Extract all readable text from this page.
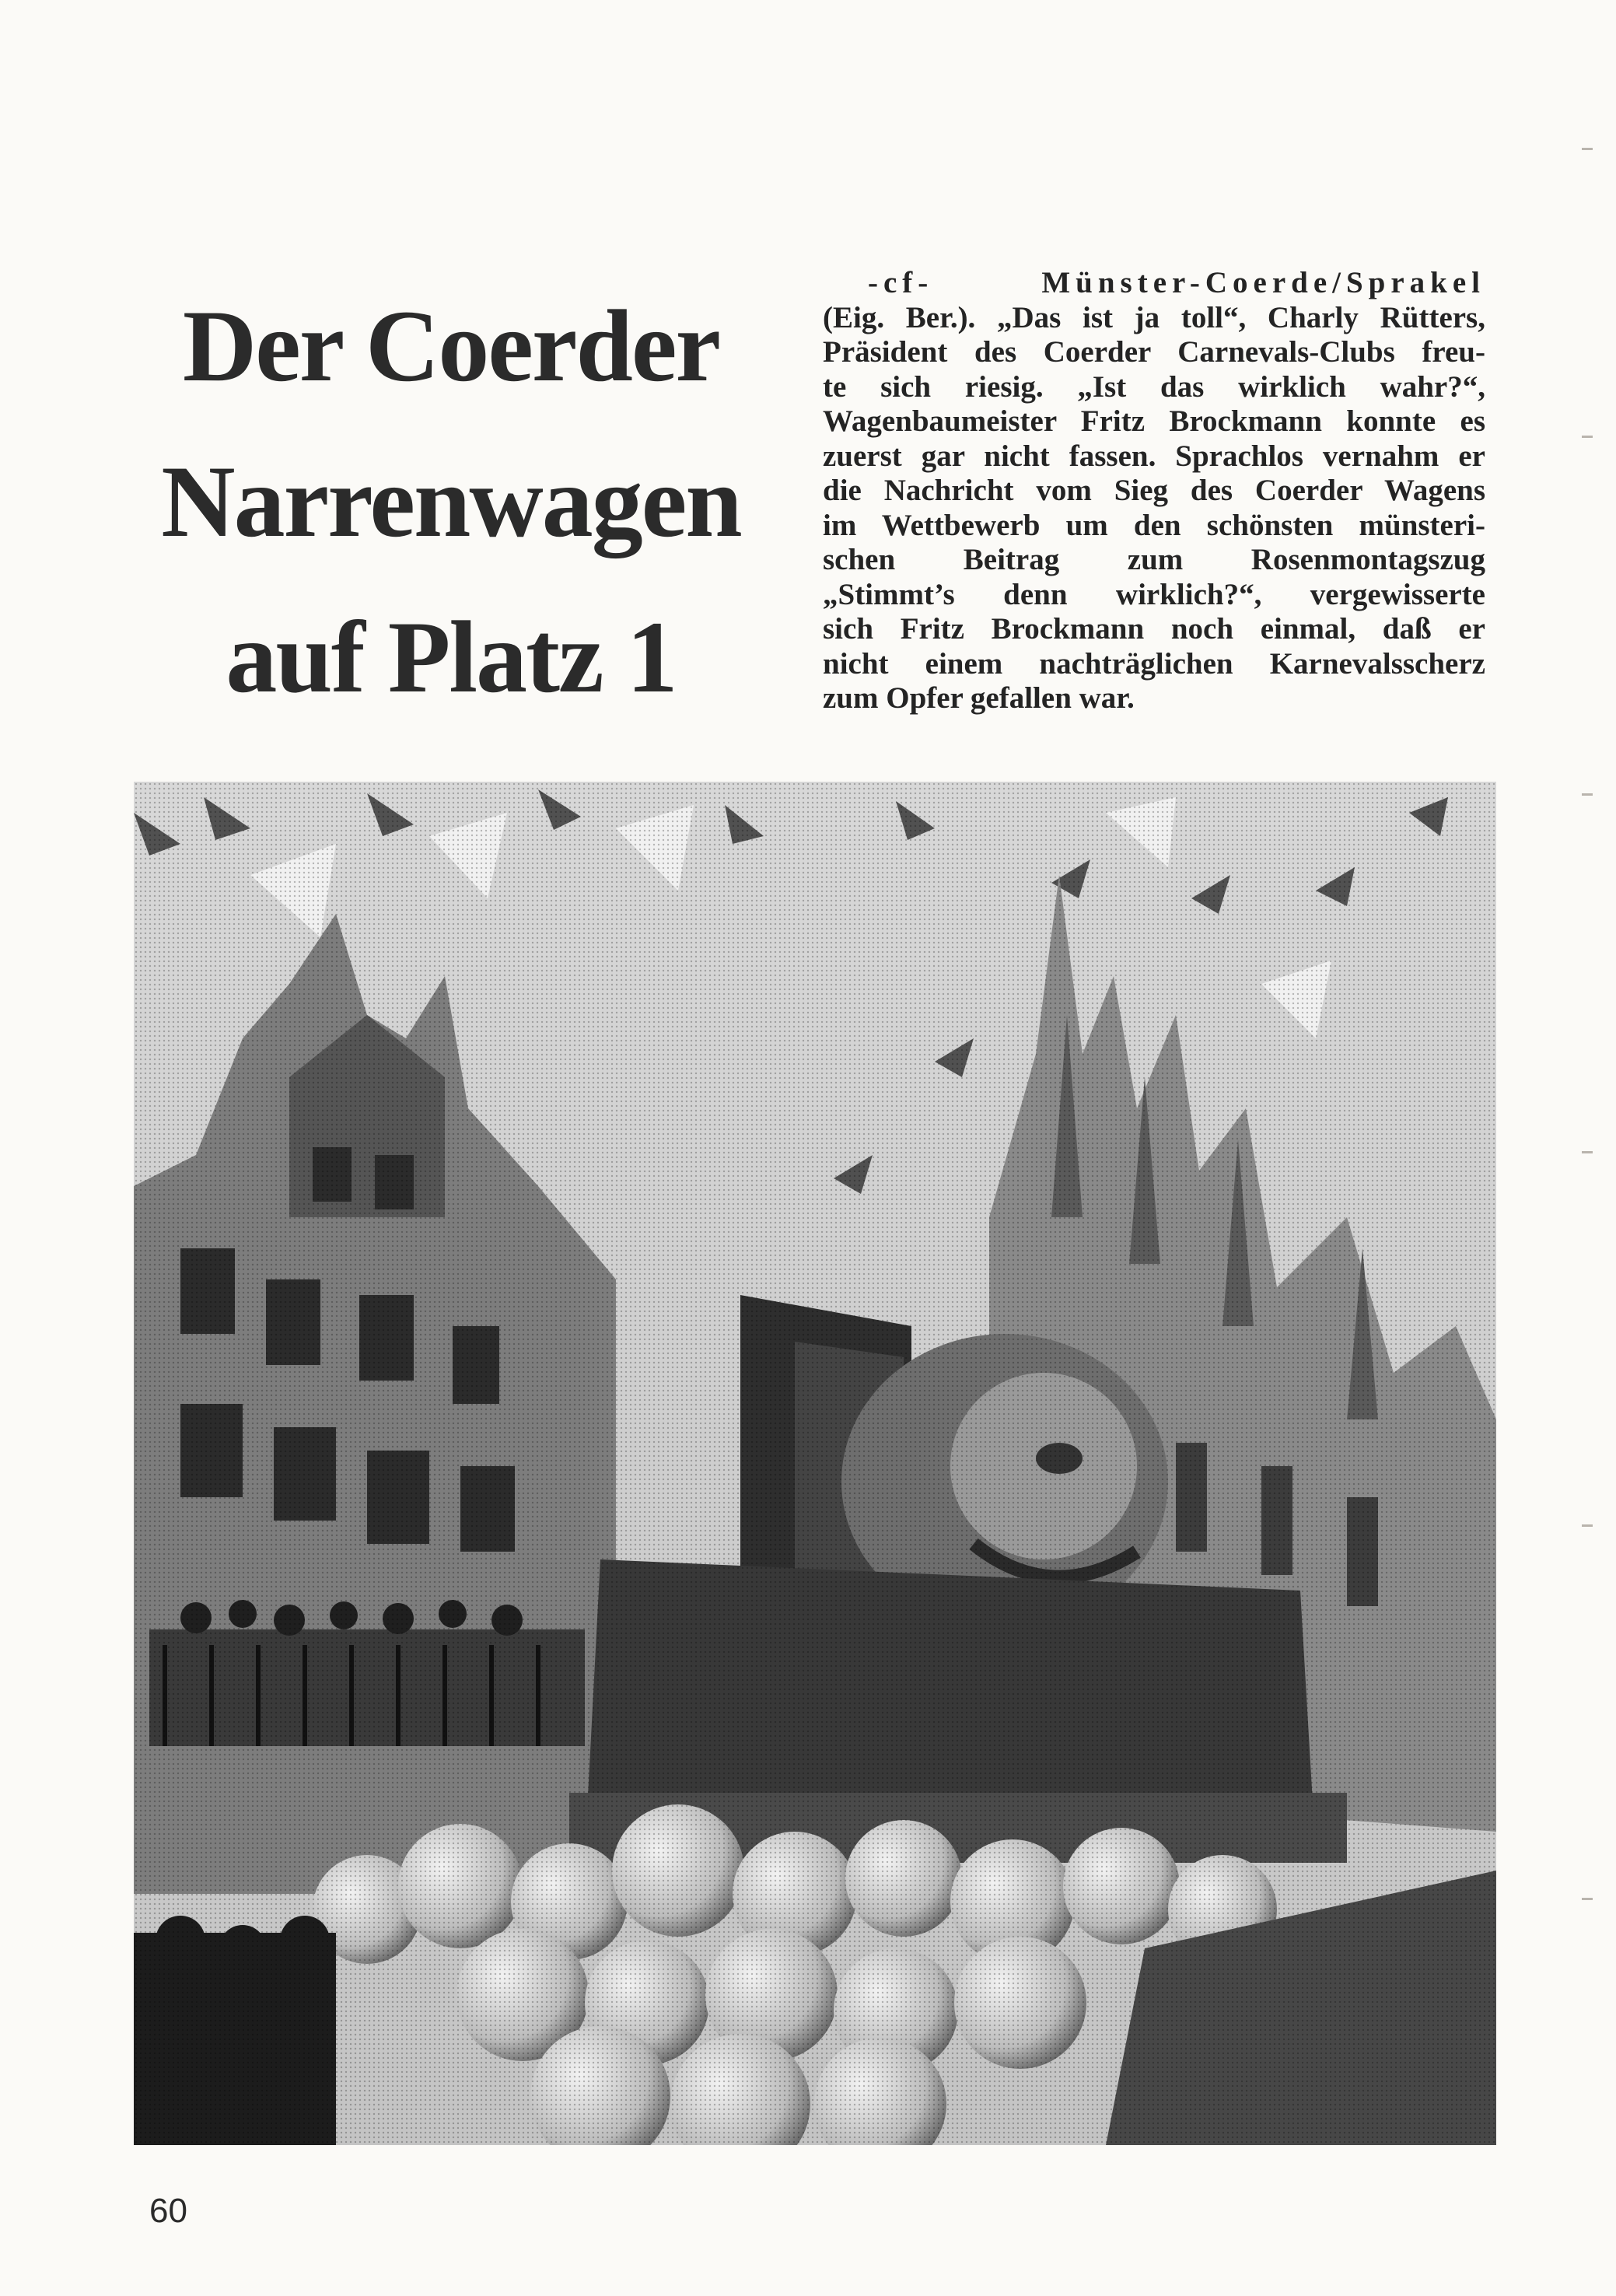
Der Coerder
Narrenwagen
auf Platz 1
-cf- Münster-Coerde/Sprakel
(Eig. Ber.). „Das ist ja toll“, Charly Rütters,
Präsident des Coerder Carnevals-Clubs freu-
te sich riesig. „Ist das wirklich wahr?“,
Wagenbaumeister Fritz Brockmann konnte es
zuerst gar nicht fassen. Sprachlos vernahm er
die Nachricht vom Sieg des Coerder Wagens
im Wettbewerb um den schönsten münsteri-
schen Beitrag zum Rosenmontagszug
„Stimmt’s denn wirklich?“, vergewisserte
sich Fritz Brockmann noch einmal, daß er
nicht einem nachträglichen Karnevalsscherz
zum Opfer gefallen war.
60
